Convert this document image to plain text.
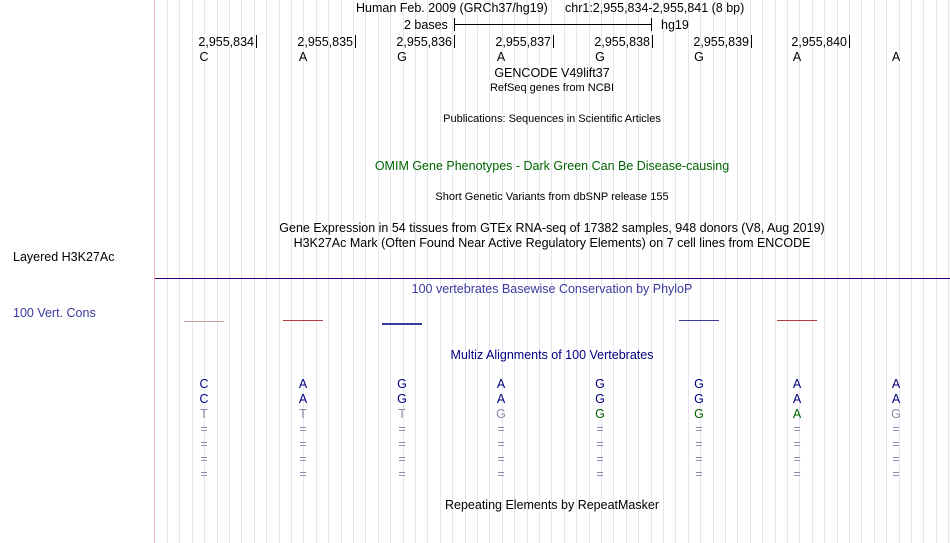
Layered H3K27Ac
100 Vert. Cons
Human Feb. 2009 (GRCh37/hg19) chr1:2,955,834-2,955,841 (8 bp)
2 bases	hg19
2,955,834	2,955,835	2,955,836	2,955,837	2,955,838	2,955,839	2,955,840
C	A	G	A	G	G	A	A
GENCODE V49lift37
RefSeq genes from NCBI
Publications: Sequences in Scientific Articles
OMIM Gene Phenotypes - Dark Green Can Be Disease-causing
Short Genetic Variants from dbSNP release 155
Gene Expression in 54 tissues from GTEx RNA-seq of 17382 samples, 948 donors (V8, Aug 2019)
H3K27Ac Mark (Often Found Near Active Regulatory Elements) on 7 cell lines from ENCODE
100 vertebrates Basewise Conservation by PhyloP
Multiz Alignments of 100 Vertebrates
C	A	G	A	G	G	A	A
C	A	G	A	G	G	A	A
T	T	T	G	G	G	A	G
=	=	=	=	=	=	=	=
=	=	=	=	=	=	=	=
=	=	=	=	=	=	=	=
=	=	=	=	=	=	=	=
Repeating Elements by RepeatMasker
